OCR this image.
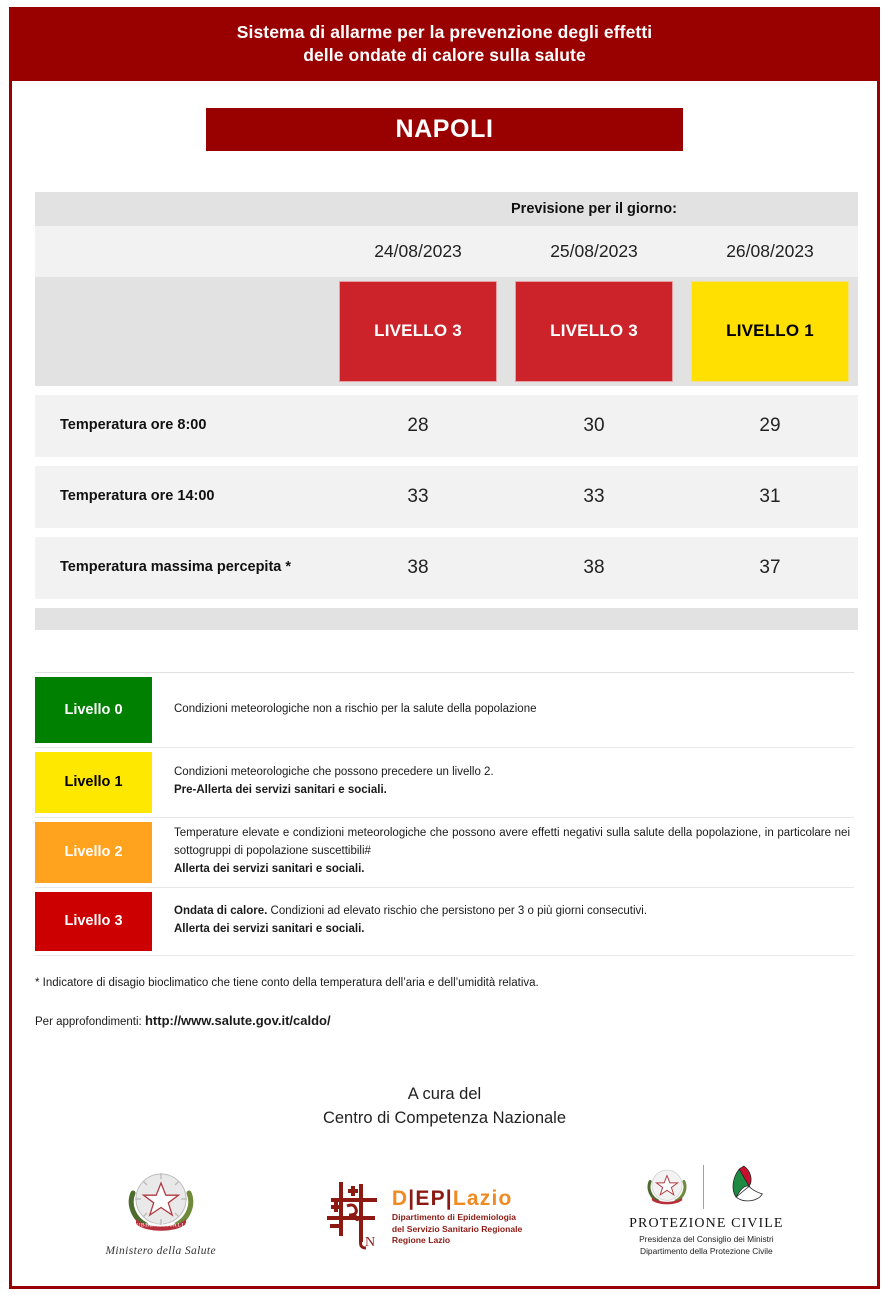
Sistema di allarme per la prevenzione degli effetti
delle ondate di calore sulla salute
NAPOLI
	Previsione per il giorno:		
	24/08/2023	25/08/2023	26/08/2023
	LIVELLO 3	LIVELLO 3	LIVELLO 1

Temperatura ore 8:00	28	30	29

Temperatura ore 14:00	33	33	31

Temperatura massima percepita *	38	38	37

Livello 0	Condizioni meteorologiche non a rischio per la salute della popolazione
Livello 1
Condizioni meteorologiche che possono precedere un livello 2.
Pre-Allerta dei servizi sanitari e sociali.
Livello 2
Temperature elevate e condizioni meteorologiche che possono avere effetti negativi sulla salute della popolazione, in particolare nei sottogruppi di popolazione suscettibili#
Allerta dei servizi sanitari e sociali.
Livello 3
Ondata di calore. Condizioni ad elevato rischio che persistono per 3 o più giorni consecutivi.
Allerta dei servizi sanitari e sociali.
* Indicatore di disagio bioclimatico che tiene conto della temperatura dell’aria e dell’umidità relativa.
Per approfondimenti: http://www.salute.gov.it/caldo/
A cura del
Centro di Competenza Nazionale
REPUBBLICA ITALIANA
Ministero della Salute
N
D|EP|Lazio
Dipartimento di Epidemiologia
del Servizio Sanitario Regionale
Regione Lazio
PROTEZIONE CIVILE
Presidenza del Consiglio dei Ministri
Dipartimento della Protezione Civile
